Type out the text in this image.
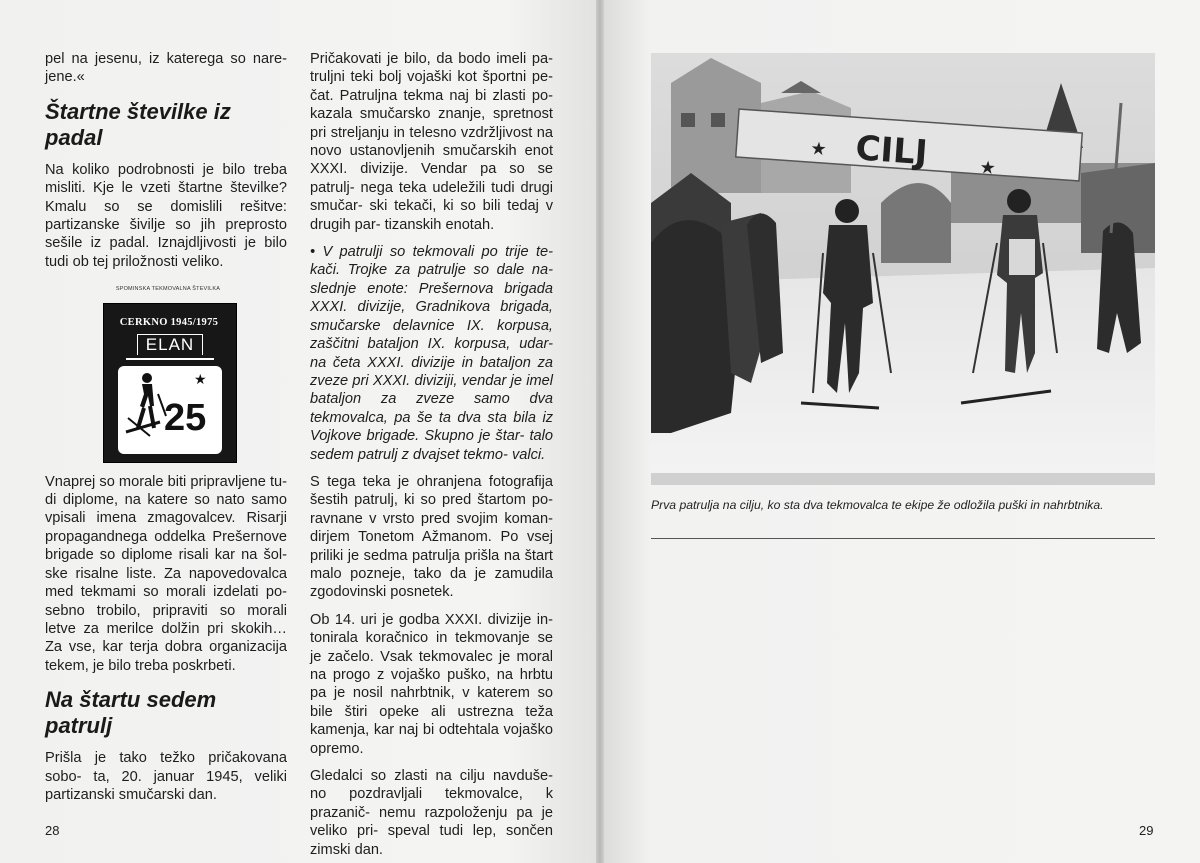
pel na jesenu, iz katerega so nare- jene.«

Štartne številke iz padal

Na koliko podrobnosti je bilo treba misliti. Kje le vzeti štartne številke? Kmalu so se domislili rešitve: partizanske šivilje so jih preprosto sešile iz padal. Iznajdljivosti je bilo tudi ob tej priložnosti veliko.

SPOMINSKA TEKMOVALNA ŠTEVILKA
CERKNO 1945/1975
ELAN
★
25

Vnaprej so morale biti pripravljene tu- di diplome, na katere so nato samo vpisali imena zmagovalcev. Risarji propagandnega oddelka Prešernove brigade so diplome risali kar na šol- ske risalne liste. Za napovedovalca med tekmami so morali izdelati po- sebno trobilo, pripraviti so morali letve za merilce dolžin pri skokih… Za vse, kar terja dobra organizacija tekem, je bilo treba poskrbeti.

Na štartu sedem patrulj

Prišla je tako težko pričakovana sobo- ta, 20. januar 1945, veliki partizanski smučarski dan.

Pričakovati je bilo, da bodo imeli pa- truljni teki bolj vojaški kot športni pe- čat. Patruljna tekma naj bi zlasti po- kazala smučarsko znanje, spretnost pri streljanju in telesno vzdržljivost na novo ustanovljenih smučarskih enot XXXI. divizije. Vendar pa so se patrulj- nega teka udeležili tudi drugi smučar- ski tekači, ki so bili tedaj v drugih par- tizanskih enotah.

• V patrulji so tekmovali po trije te- kači. Trojke za patrulje so dale na- slednje enote: Prešernova brigada XXXI. divizije, Gradnikova brigada, smučarske delavnice IX. korpusa, zaščitni bataljon IX. korpusa, udar- na četa XXXI. divizije in bataljon za zveze pri XXXI. diviziji, vendar je imel bataljon za zveze samo dva tekmovalca, pa še ta dva sta bila iz Vojkove brigade. Skupno je štar- talo sedem patrulj z dvajset tekmo- valci.

S tega teka je ohranjena fotografija šestih patrulj, ki so pred štartom po- ravnane v vrsto pred svojim koman- dirjem Tonetom Ažmanom. Po vsej priliki je sedma patrulja prišla na štart malo pozneje, tako da je zamudila zgodovinski posnetek.

Ob 14. uri je godba XXXI. divizije in- tonirala koračnico in tekmovanje se je začelo. Vsak tekmovalec je moral na progo z vojaško puško, na hrbtu pa je nosil nahrbtnik, v katerem so bile štiri opeke ali ustrezna teža kamenja, kar naj bi odtehtala vojaško opremo.

Gledalci so zlasti na cilju navduše- no pozdravljali tekmovalce, k prazanič- nemu razpoloženju pa je veliko pri- speval tudi lep, sončen zimski dan.

28
★ CILJ	★
Prva patrulja na cilju, ko sta dva tekmovalca te ekipe že odložila puški in nahrbtnika.
29
